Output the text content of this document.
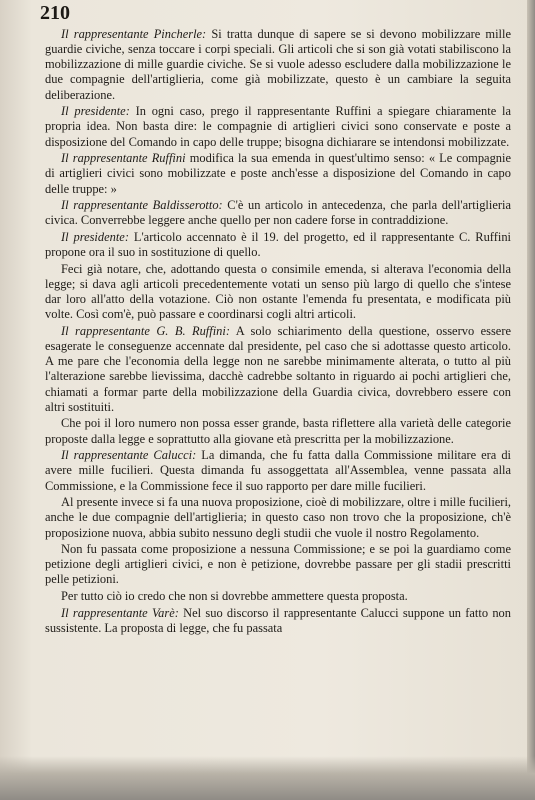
210

Il rappresentante Pincherle: Si tratta dunque di sapere se si devono mobilizzare mille guardie civiche, senza toccare i corpi speciali. Gli articoli che si son già votati stabiliscono la mobilizzazione di mille guardie civiche. Se si vuole adesso escludere dalla mobilizzazione le due compagnie dell'artiglieria, come già mobilizzate, questo è un cambiare la seguita deliberazione.

Il presidente: In ogni caso, prego il rappresentante Ruffini a spiegare chiaramente la propria idea. Non basta dire: le compagnie di artiglieri civici sono conservate e poste a disposizione del Comando in capo delle truppe; bisogna dichiarare se intendonsi mobilizzate.

Il rappresentante Ruffini modifica la sua emenda in quest'ultimo senso: « Le compagnie di artiglieri civici sono mobilizzate e poste anch'esse a disposizione del Comando in capo delle truppe: »

Il rappresentante Baldisserotto: C'è un articolo in antecedenza, che parla dell'artiglieria civica. Converrebbe leggere anche quello per non cadere forse in contraddizione.

Il presidente: L'articolo accennato è il 19. del progetto, ed il rappresentante C. Ruffini propone ora il suo in sostituzione di quello.

Feci già notare, che, adottando questa o consimile emenda, si alterava l'economia della legge; si dava agli articoli precedentemente votati un senso più largo di quello che s'intese dar loro all'atto della votazione. Ciò non ostante l'emenda fu presentata, e modificata più volte. Così com'è, può passare e coordinarsi cogli altri articoli.

Il rappresentante G. B. Ruffini: A solo schiarimento della questione, osservo essere esagerate le conseguenze accennate dal presidente, pel caso che si adottasse questo articolo. A me pare che l'economia della legge non ne sarebbe minimamente alterata, o tutto al più l'alterazione sarebbe lievissima, dacchè cadrebbe soltanto in riguardo ai pochi artiglieri che, chiamati a formar parte della mobilizzazione della Guardia civica, dovrebbero essere con altri sostituiti.

Che poi il loro numero non possa esser grande, basta riflettere alla varietà delle categorie proposte dalla legge e soprattutto alla giovane età prescritta per la mobilizzazione.

Il rappresentante Calucci: La dimanda, che fu fatta dalla Commissione militare era di avere mille fucilieri. Questa dimanda fu assoggettata all'Assemblea, venne passata alla Commissione, e la Commissione fece il suo rapporto per dare mille fucilieri.

Al presente invece si fa una nuova proposizione, cioè di mobilizzare, oltre i mille fucilieri, anche le due compagnie dell'artiglieria; in questo caso non trovo che la proposizione, ch'è proposizione nuova, abbia subito nessuno degli studii che vuole il nostro Regolamento.

Non fu passata come proposizione a nessuna Commissione; e se poi la guardiamo come petizione degli artiglieri civici, e non è petizione, dovrebbe passare per gli stadii prescritti pelle petizioni.

Per tutto ciò io credo che non si dovrebbe ammettere questa proposta.

Il rappresentante Varè: Nel suo discorso il rappresentante Calucci suppone un fatto non sussistente. La proposta di legge, che fu passata
